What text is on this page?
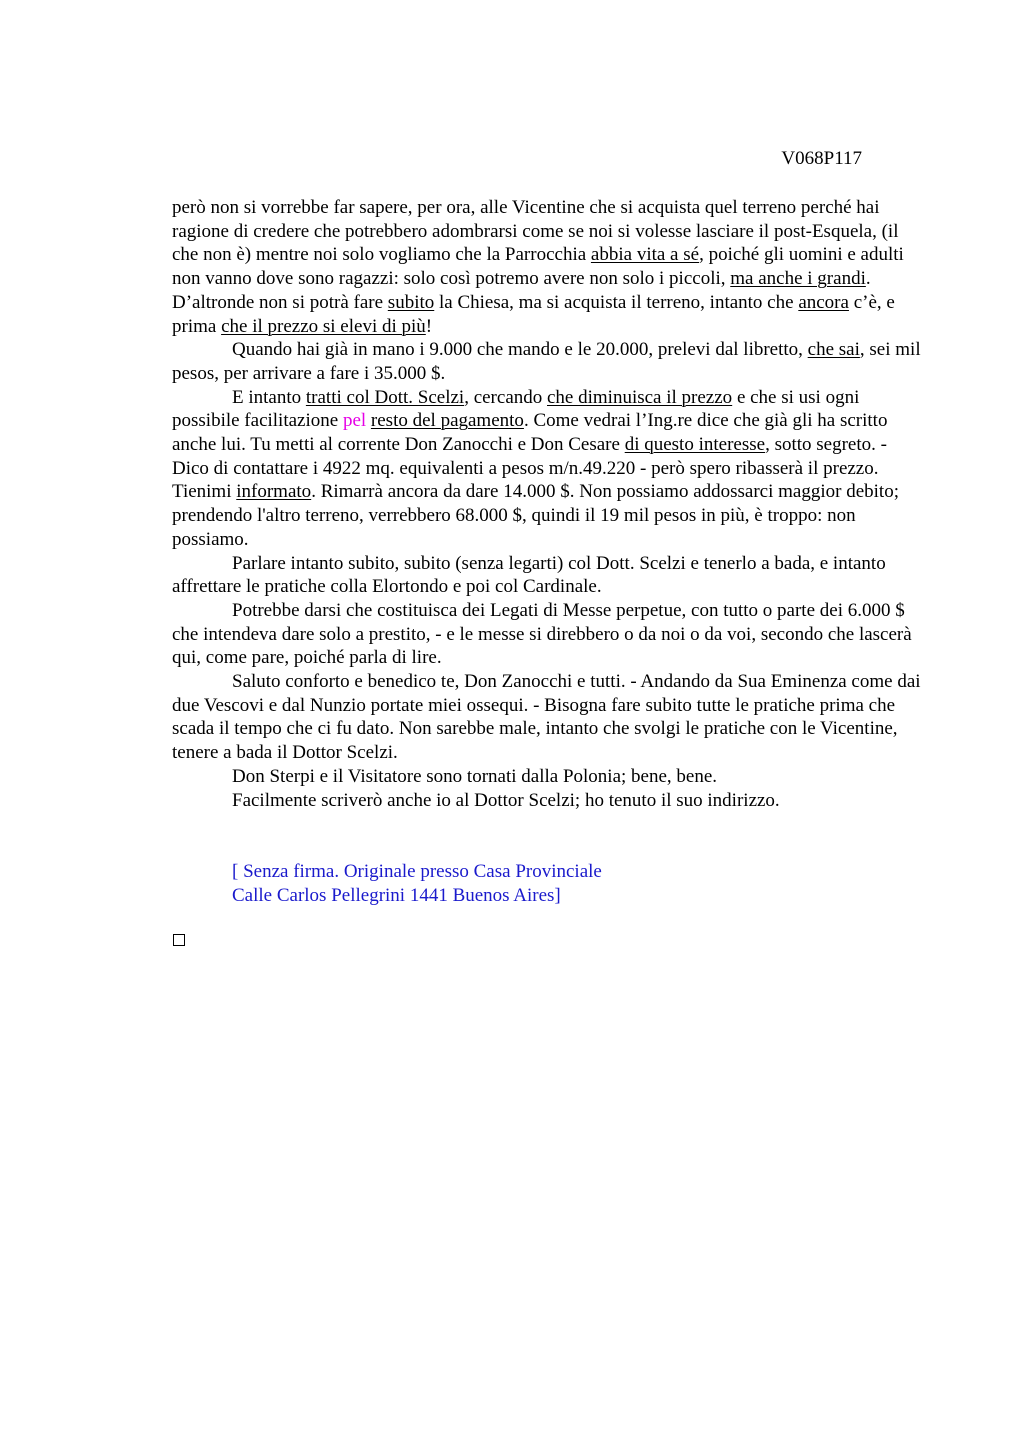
V068P117

però non si vorrebbe far sapere, per ora, alle Vicentine che si acquista quel terreno perché hai ragione di credere che potrebbero adombrarsi come se noi si volesse lasciare il post-Esquela, (il che non è) mentre noi solo vogliamo che la Parrocchia abbia vita a sé, poiché gli uomini e adulti non vanno dove sono ragazzi: solo così potremo avere non solo i piccoli, ma anche i grandi. D’altronde non si potrà fare subito la Chiesa, ma si acquista il terreno, intanto che ancora c’è, e prima che il prezzo si elevi di più!

Quando hai già in mano i 9.000 che mando e le 20.000, prelevi dal libretto, che sai, sei mil pesos, per arrivare a fare i 35.000 $.

E intanto tratti col Dott. Scelzi, cercando che diminuisca il prezzo e che si usi ogni possibile facilitazione pel resto del pagamento. Come vedrai l’Ing.re dice che già gli ha scritto anche lui. Tu metti al corrente Don Zanocchi e Don Cesare di questo interesse, sotto segreto. - Dico di contattare i 4922 mq. equivalenti a pesos m/n.49.220 - però spero ribasserà il prezzo. Tienimi informato. Rimarrà ancora da dare 14.000 $. Non possiamo addossarci maggior debito; prendendo l'altro terreno, verrebbero 68.000 $, quindi il 19 mil pesos in più, è troppo: non possiamo.

Parlare intanto subito, subito (senza legarti) col Dott. Scelzi e tenerlo a bada, e intanto affrettare le pratiche colla Elortondo e poi col Cardinale.

Potrebbe darsi che costituisca dei Legati di Messe perpetue, con tutto o parte dei 6.000 $ che intendeva dare solo a prestito, - e le messe si direbbero o da noi o da voi, secondo che lascerà qui, come pare, poiché parla di lire.

Saluto conforto e benedico te, Don Zanocchi e tutti. - Andando da Sua Eminenza come dai due Vescovi e dal Nunzio portate miei ossequi. - Bisogna fare subito tutte le pratiche prima che scada il tempo che ci fu dato. Non sarebbe male, intanto che svolgi le pratiche con le Vicentine, tenere a bada il Dottor Scelzi.

Don Sterpi e il Visitatore sono tornati dalla Polonia; bene, bene.

Facilmente scriverò anche io al Dottor Scelzi; ho tenuto il suo indirizzo.

[ Senza firma. Originale presso Casa Provinciale
Calle Carlos Pellegrini 1441 Buenos Aires]
